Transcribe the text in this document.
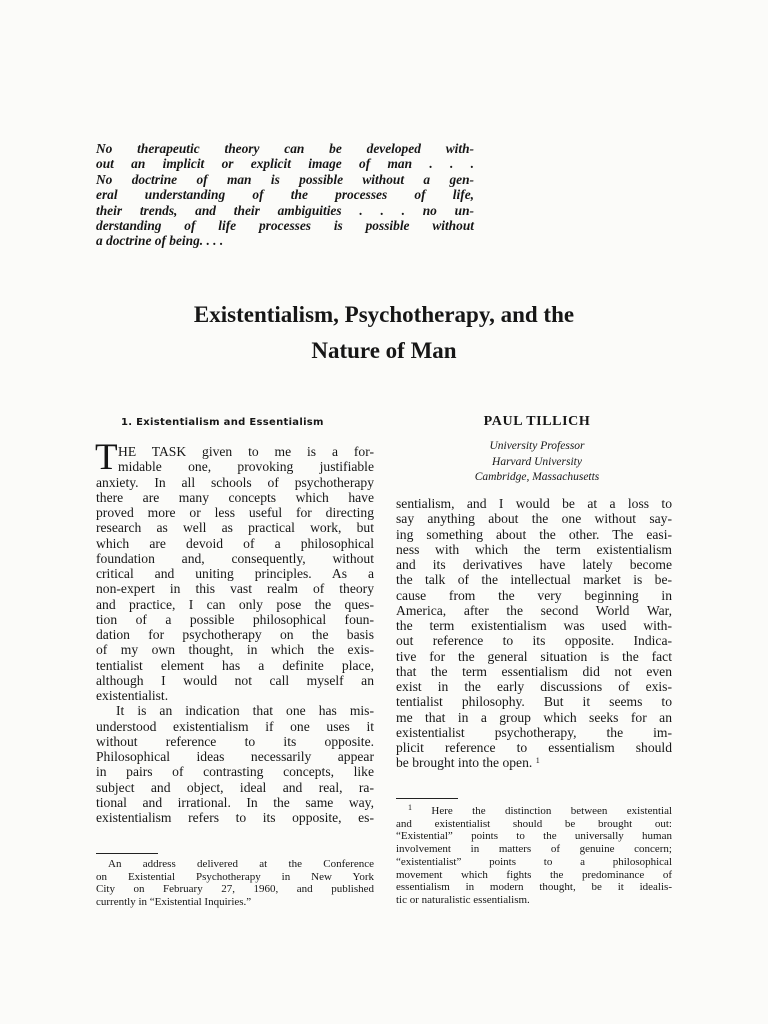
No therapeutic theory can be developed with-
out an implicit or explicit image of man . . .
No doctrine of man is possible without a gen-
eral understanding of the processes of life,
their trends, and their ambiguities . . . no un-
derstanding of life processes is possible without
a doctrine of being. . . .
Existentialism, Psychotherapy, and the
Nature of Man
1. Existentialism and Essentialism	PAUL TILLICH
University Professor
Harvard University
Cambridge, Massachusetts
T HE TASK given to me is a for-
midable one, provoking justifiable
anxiety. In all schools of psychotherapy
there are many concepts which have
proved more or less useful for directing
research as well as practical work, but
which are devoid of a philosophical
foundation and, consequently, without
critical and uniting principles. As a
non-expert in this vast realm of theory
and practice, I can only pose the ques-
tion of a possible philosophical foun-
dation for psychotherapy on the basis
of my own thought, in which the exis-
tentialist element has a definite place,
although I would not call myself an
existentialist.
It is an indication that one has mis-
understood existentialism if one uses it
without reference to its opposite.
Philosophical ideas necessarily appear
in pairs of contrasting concepts, like
subject and object, ideal and real, ra-
tional and irrational. In the same way,
existentialism refers to its opposite, es-
sentialism, and I would be at a loss to
say anything about the one without say-
ing something about the other. The easi-
ness with which the term existentialism
and its derivatives have lately become
the talk of the intellectual market is be-
cause from the very beginning in
America, after the second World War,
the term existentialism was used with-
out reference to its opposite. Indica-
tive for the general situation is the fact
that the term essentialism did not even
exist in the early discussions of exis-
tentialist philosophy. But it seems to
me that in a group which seeks for an
existentialist psychotherapy, the im-
plicit reference to essentialism should
be brought into the open. $^1$
An address delivered at the Conference
on Existential Psychotherapy in New York
City on February 27, 1960, and published
currently in “Existential Inquiries.”
$^1$ Here the distinction between existential
and existentialist should be brought out:
“Existential” points to the universally human
involvement in matters of genuine concern;
“existentialist” points to a philosophical
movement which fights the predominance of
essentialism in modern thought, be it idealis-
tic or naturalistic essentialism.
